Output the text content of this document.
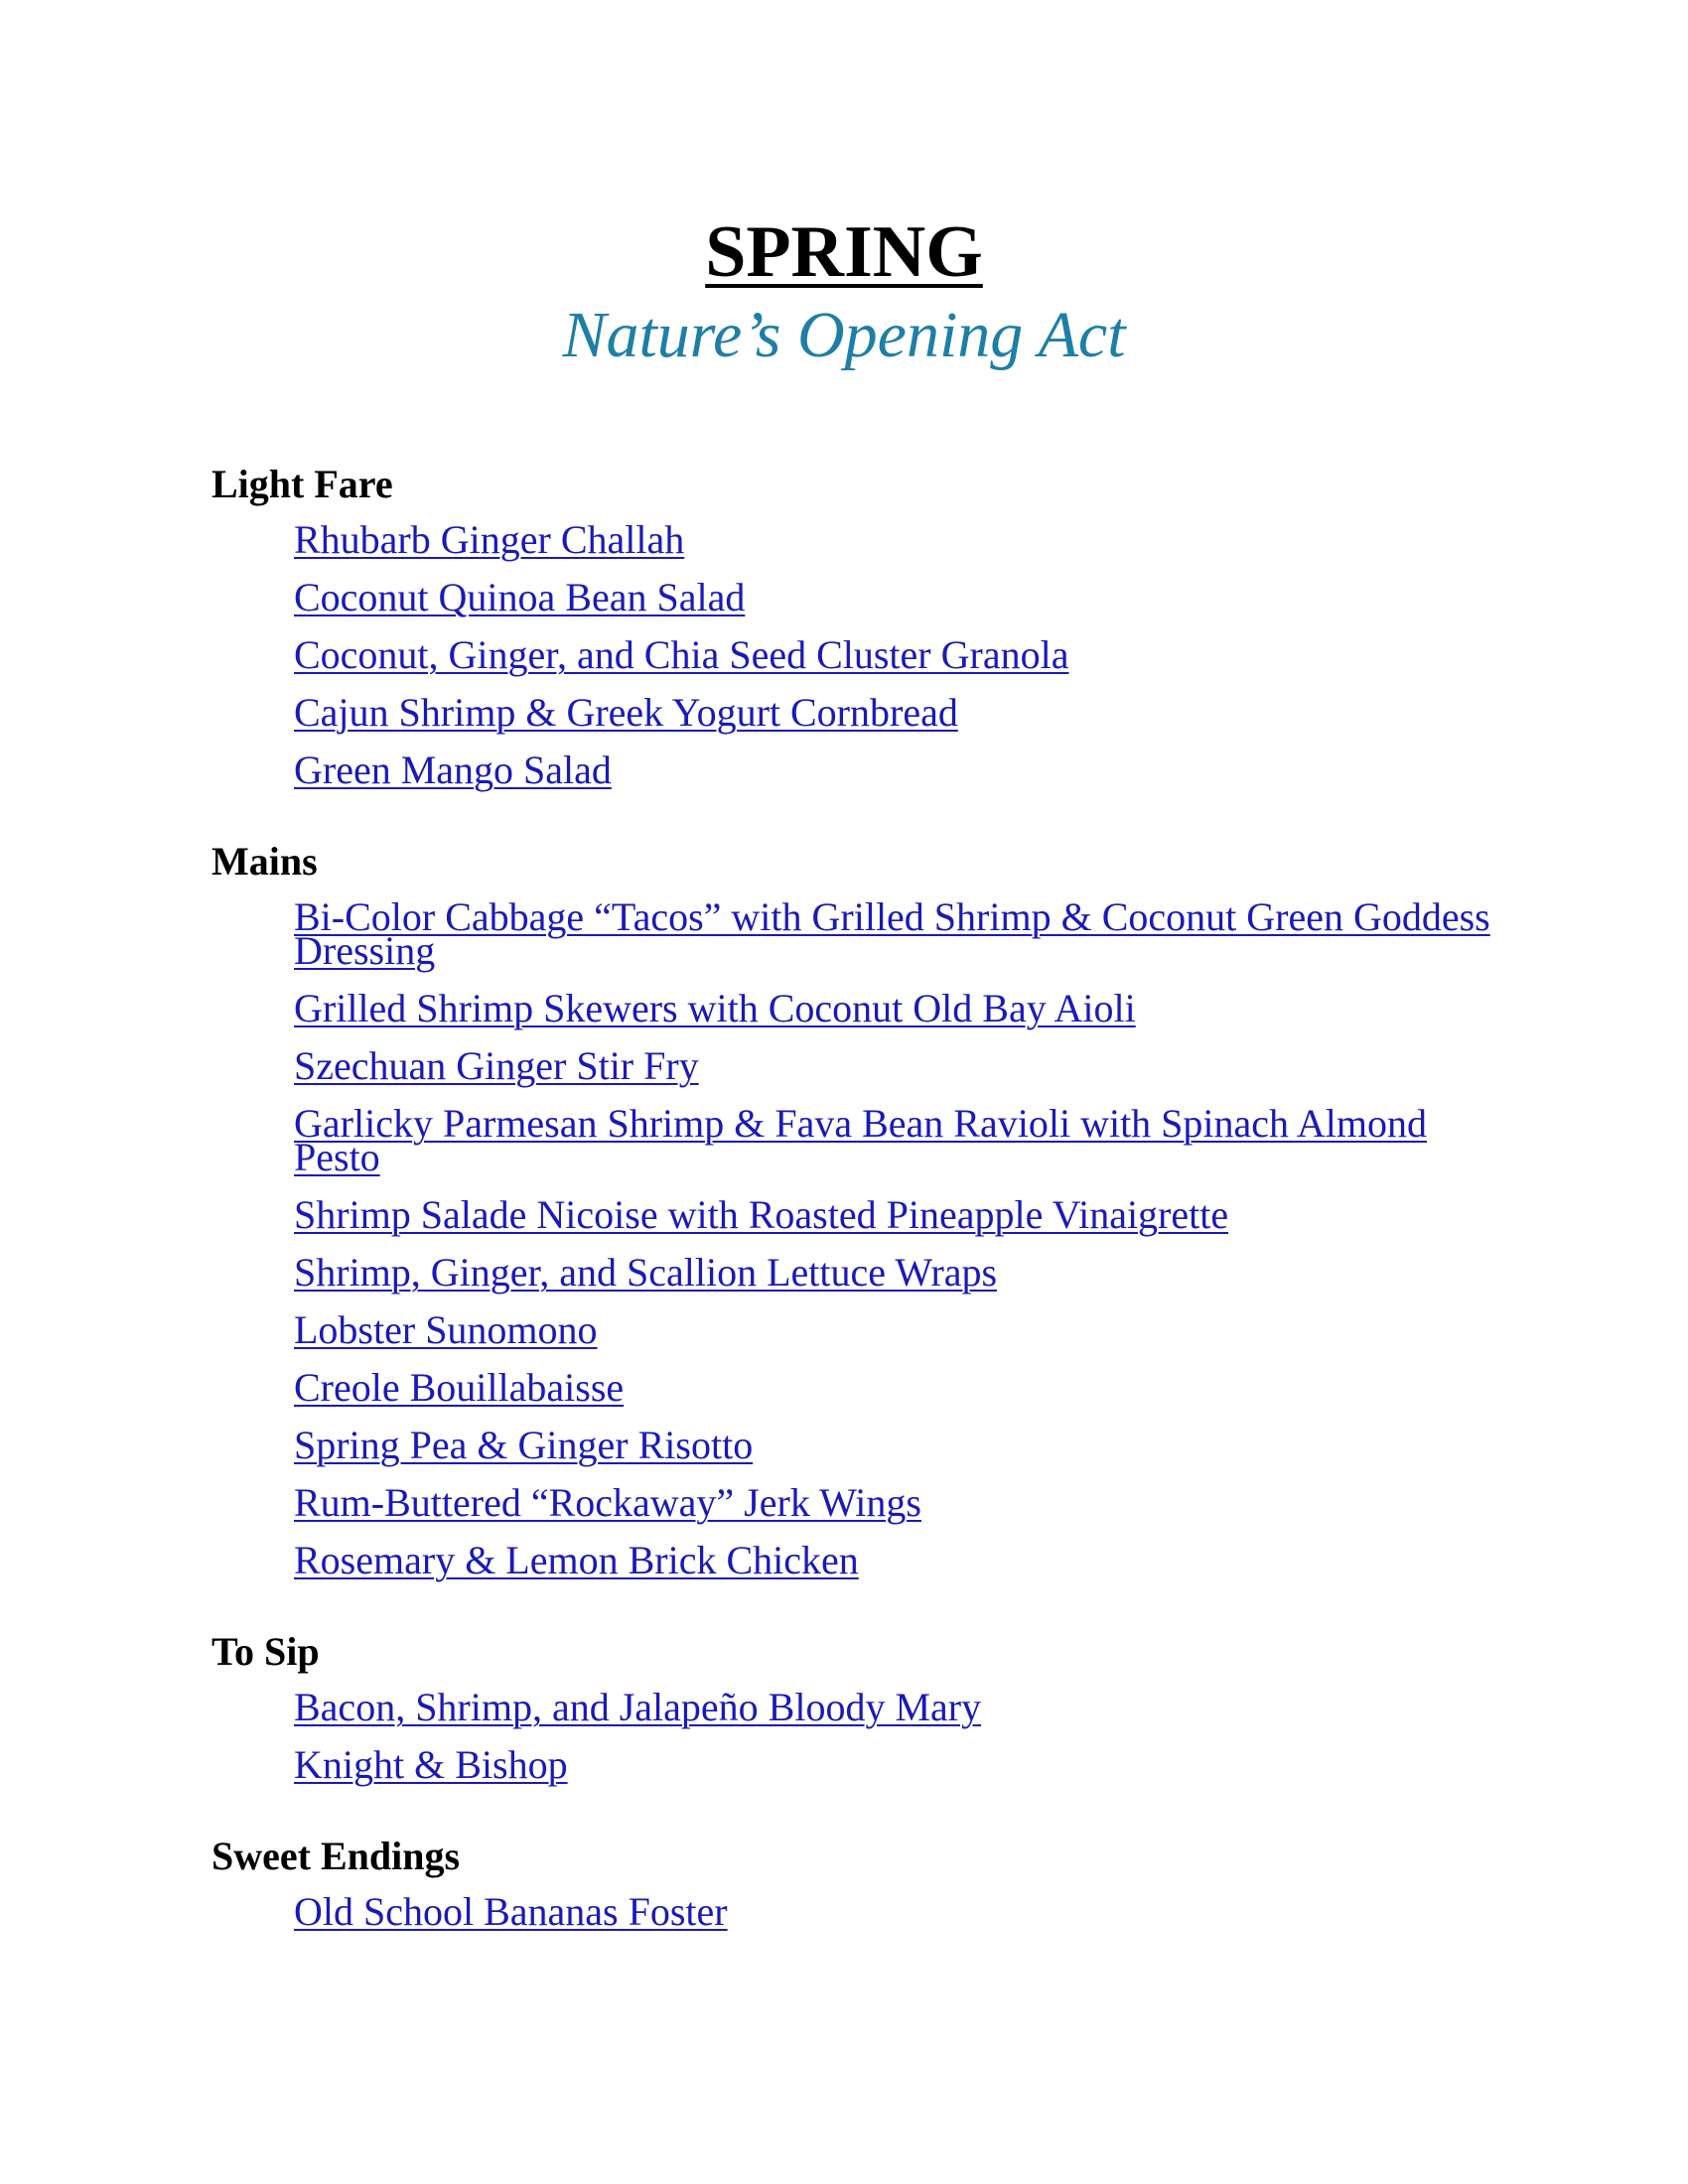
SPRING
Nature’s Opening Act
Light Fare
Rhubarb Ginger Challah
Coconut Quinoa Bean Salad
Coconut, Ginger, and Chia Seed Cluster Granola
Cajun Shrimp & Greek Yogurt Cornbread
Green Mango Salad
Mains
Bi-Color Cabbage “Tacos” with Grilled Shrimp & Coconut Green Goddess Dressing
Grilled Shrimp Skewers with Coconut Old Bay Aioli
Szechuan Ginger Stir Fry
Garlicky Parmesan Shrimp & Fava Bean Ravioli with Spinach Almond Pesto
Shrimp Salade Nicoise with Roasted Pineapple Vinaigrette
Shrimp, Ginger, and Scallion Lettuce Wraps
Lobster Sunomono
Creole Bouillabaisse
Spring Pea & Ginger Risotto
Rum-Buttered “Rockaway” Jerk Wings
Rosemary & Lemon Brick Chicken
To Sip
Bacon, Shrimp, and Jalapeño Bloody Mary
Knight & Bishop
Sweet Endings
Old School Bananas Foster
